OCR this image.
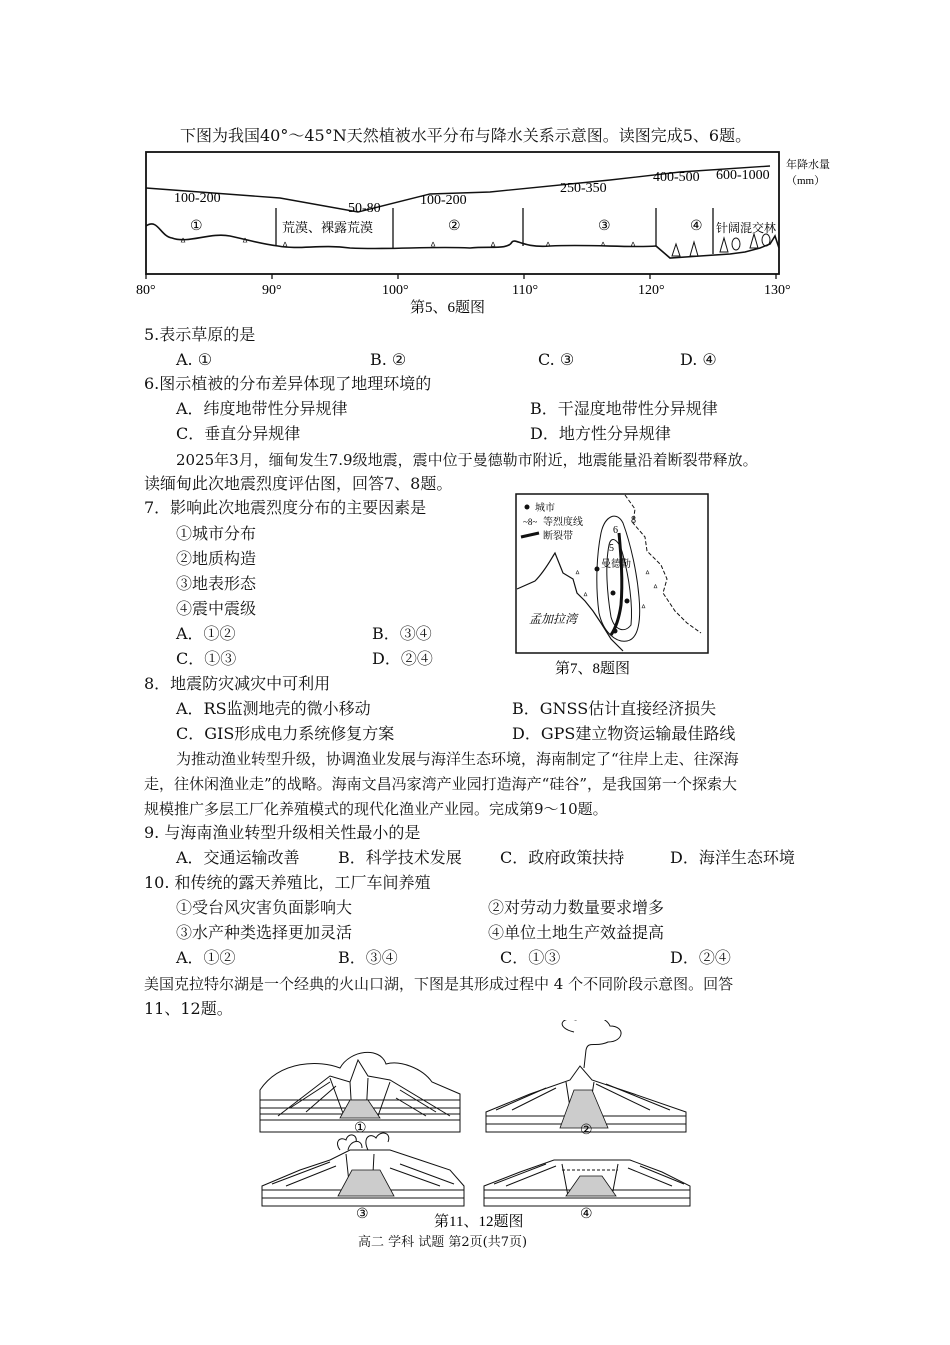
下图为我国40°～45°N天然植被水平分布与降水关系示意图。读图完成5、6题。
ᐞ	ᐞ	ᐞ	ᐞ	ᐞ	ᐞ	ᐞ ᐞ
100-200
50-80
100-200
250-350
400-500 600-1000
年降水量
（mm）
①	荒漠、裸露荒漠	②	③	④ 针阔混交林
80°	90°	100°	110°	120°	130°
第5、6题图
5.表示草原的是
A. ①	B. ②	C. ③	D. ④
6.图示植被的分布差异体现了地理环境的
A．纬度地带性分异规律	B．干湿度地带性分异规律
C．垂直分异规律	D．地方性分异规律
2025年3月，缅甸发生7.9级地震，震中位于曼德勒市附近，地震能量沿着断裂带释放。
读缅甸此次地震烈度评估图，回答7、8题。
7．影响此次地震烈度分布的主要因素是
①城市分布
②地质构造
③地表形态
④震中震级
A．①②	B．③④
C．①③	D．②④
城市
~8~ 等烈度线
断裂带
8
6
5
曼德勒
ᐞ
ᐞ
ᐞ
ᐞ
ᐞ
孟加拉湾
第7、8题图
8．地震防灾减灾中可利用
A．RS监测地壳的微小移动	B．GNSS估计直接经济损失
C．GIS形成电力系统修复方案	D．GPS建立物资运输最佳路线
为推动渔业转型升级，协调渔业发展与海洋生态环境，海南制定了“往岸上走、往深海
走，往休闲渔业走”的战略。海南文昌冯家湾产业园打造海产“硅谷”，是我国第一个探索大
规模推广多层工厂化养殖模式的现代化渔业产业园。完成第9～10题。
9. 与海南渔业转型升级相关性最小的是
A．交通运输改善 B．科学技术发展 C．政府政策扶持	D．海洋生态环境
10. 和传统的露天养殖比，工厂车间养殖
①受台风灾害负面影响大	②对劳动力数量要求增多
③水产种类选择更加灵活	④单位土地生产效益提高
A．①②	B．③④	C．①③	D．②④
美国克拉特尔湖是一个经典的火山口湖，下图是其形成过程中 4 个不同阶段示意图。回答
11、12题。
①	②
③	④
第11、12题图
高二 学科 试题 第2页(共7页)
